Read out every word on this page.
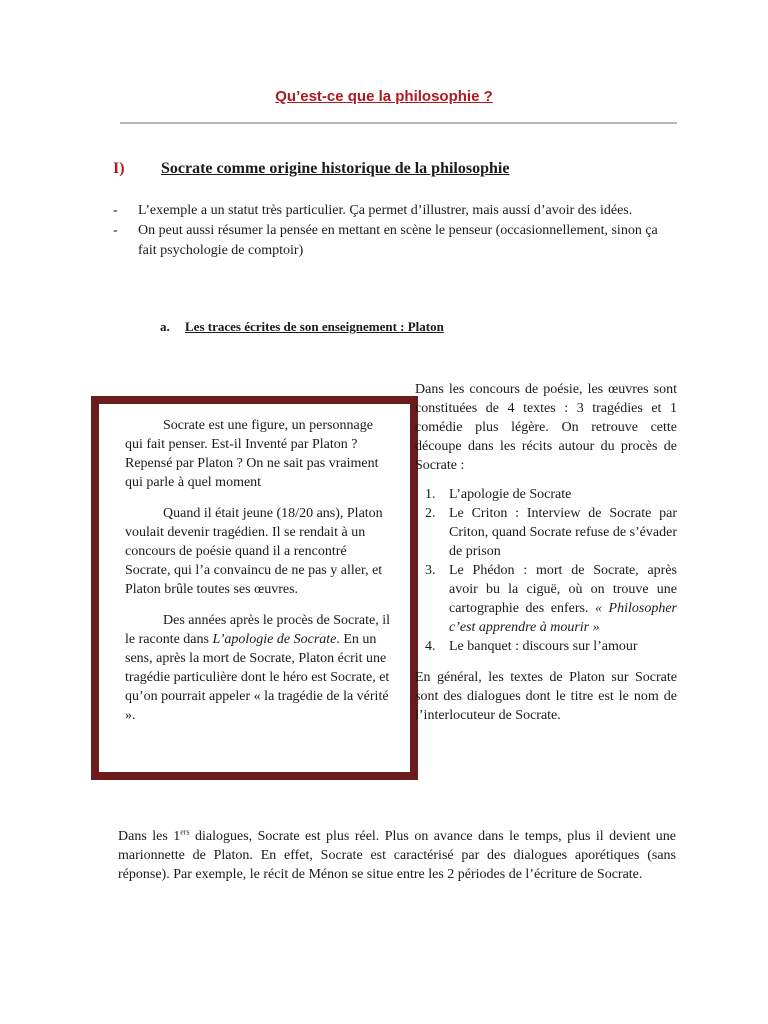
Qu’est-ce que la philosophie ?
I) Socrate comme origine historique de la philosophie
-	L’exemple a un statut très particulier. Ça permet d’illustrer, mais aussi d’avoir des idées.
-	On peut aussi résumer la pensée en mettant en scène le penseur (occasionnellement, sinon ça fait psychologie de comptoir)
a. Les traces écrites de son enseignement : Platon

Socrate est une figure, un personnage qui fait penser. Est-il Inventé par Platon ? Repensé par Platon ? On ne sait pas vraiment qui parle à quel moment

Quand il était jeune (18/20 ans), Platon voulait devenir tragédien. Il se rendait à un concours de poésie quand il a rencontré Socrate, qui l’a convaincu de ne pas y aller, et Platon brûle toutes ses œuvres.

Des années après le procès de Socrate, il le raconte dans L’apologie de Socrate. En un sens, après la mort de Socrate, Platon écrit une tragédie particulière dont le héro est Socrate, et qu’on pourrait appeler « la tragédie de la vérité ».

Dans les concours de poésie, les œuvres sont constituées de 4 textes : 3 tragédies et 1 comédie plus légère. On retrouve cette découpe dans les récits autour du procès de Socrate :

1. L’apologie de Socrate
2. Le Criton : Interview de Socrate par Criton, quand Socrate refuse de s’évader de prison
3. Le Phédon : mort de Socrate, après avoir bu la ciguë, où on trouve une cartographie des enfers. « Philosopher c’est apprendre à mourir »
4. Le banquet : discours sur l’amour

En général, les textes de Platon sur Socrate sont des dialogues dont le titre est le nom de l’interlocuteur de Socrate.

Dans les 1ers dialogues, Socrate est plus réel. Plus on avance dans le temps, plus il devient une marionnette de Platon. En effet, Socrate est caractérisé par des dialogues aporétiques (sans réponse). Par exemple, le récit de Ménon se situe entre les 2 périodes de l’écriture de Socrate.
